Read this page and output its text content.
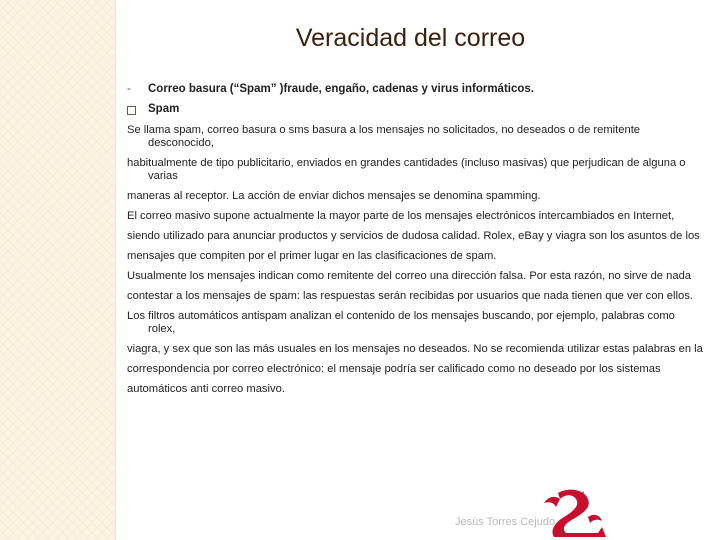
Veracidad del correo
- Correo basura (“Spam” )fraude, engaño, cadenas y virus informáticos.
Spam

Se llama spam, correo basura o sms basura a los mensajes no solicitados, no deseados o de remitente desconocido,

habitualmente de tipo publicitario, enviados en grandes cantidades (incluso masivas) que perjudican de alguna o varias

maneras al receptor. La acción de enviar dichos mensajes se denomina spamming.

El correo masivo supone actualmente la mayor parte de los mensajes electrónicos intercambiados en Internet,

siendo utilizado para anunciar productos y servicios de dudosa calidad. Rolex, eBay y viagra son los asuntos de los

mensajes que compiten por el primer lugar en las clasificaciones de spam.

Usualmente los mensajes indican como remitente del correo una dirección falsa. Por esta razón, no sirve de nada

contestar a los mensajes de spam: las respuestas serán recibidas por usuarios que nada tienen que ver con ellos.

Los filtros automáticos antispam analizan el contenido de los mensajes buscando, por ejemplo, palabras como rolex,

viagra, y sex que son las más usuales en los mensajes no deseados. No se recomienda utilizar estas palabras en la

correspondencia por correo electrónico: el mensaje podría ser calificado como no deseado por los sistemas

automáticos anti correo masivo.

Jesús Torres Cejudo
